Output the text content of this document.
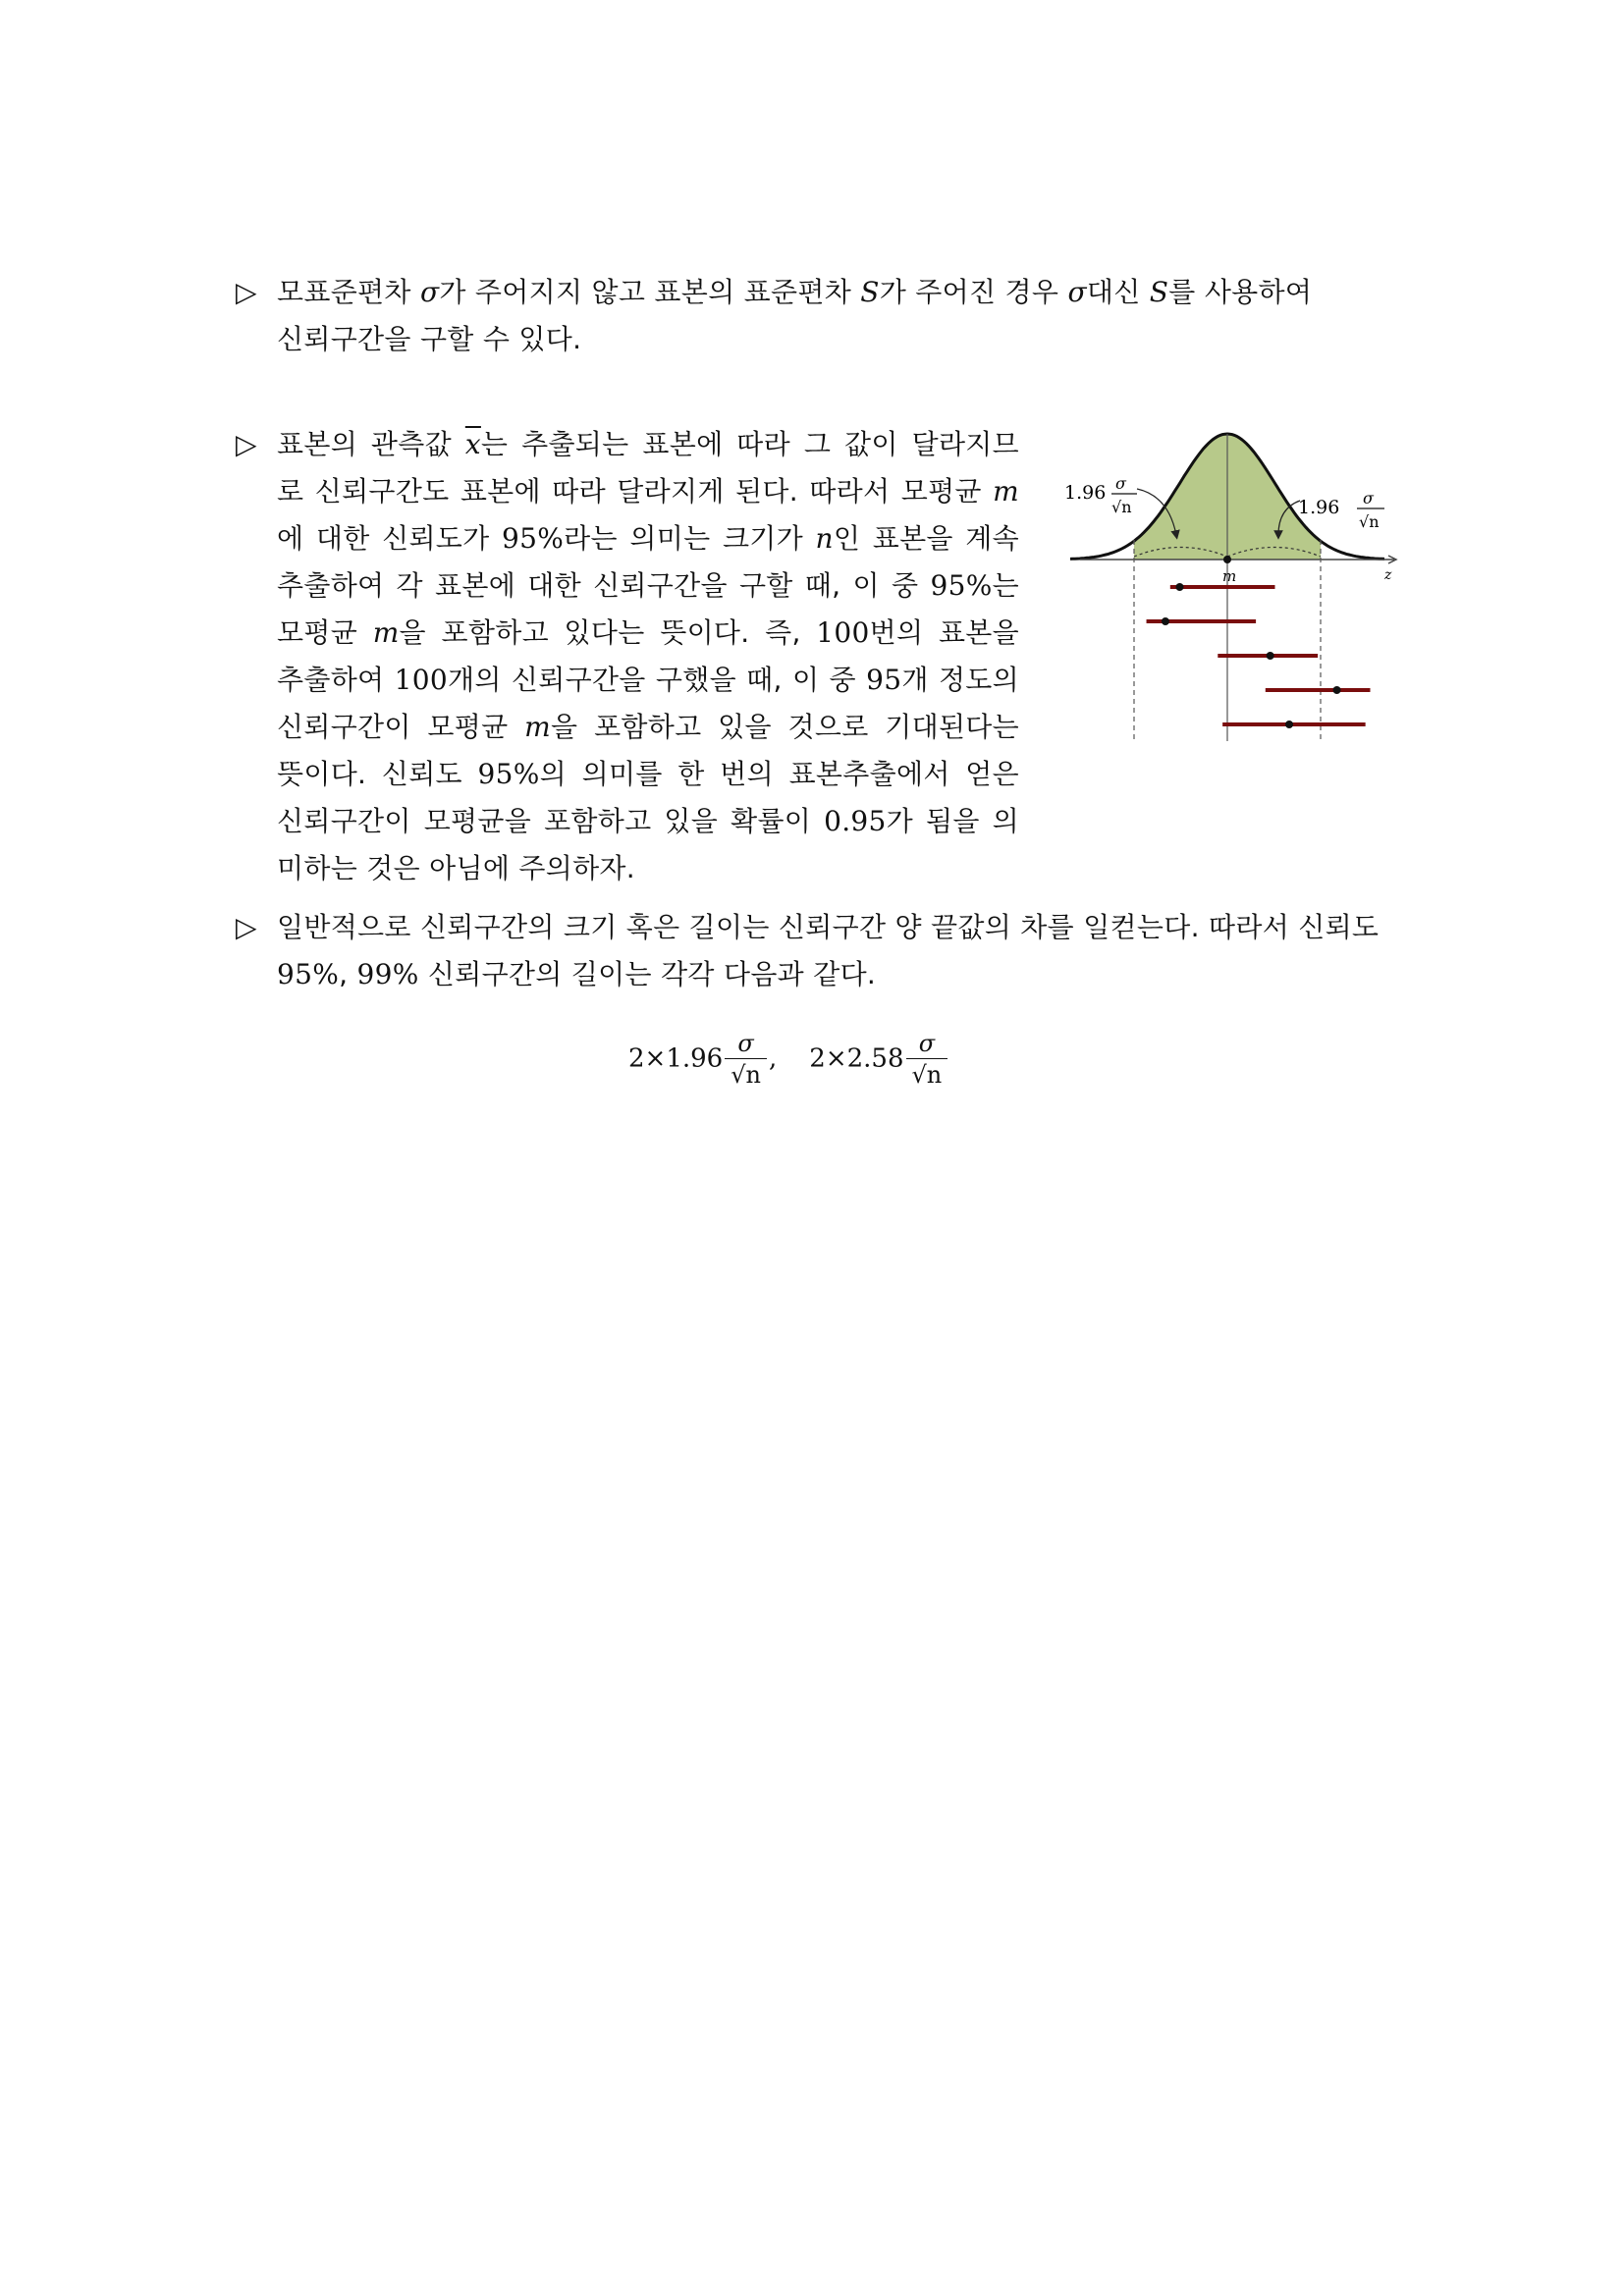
▷ 모표준편차 σ가 주어지지 않고 표본의 표준편차 S가 주어진 경우 σ대신 S를 사용하여
신뢰구간을 구할 수 있다.
▷ 표본의 관측값 $\overline{x}$는 추출되는 표본에 따라 그 값이 달라지므
로 신뢰구간도 표본에 따라 달라지게 된다. 따라서 모평균 m
에 대한 신뢰도가 95%라는 의미는 크기가 n인 표본을 계속
추출하여 각 표본에 대한 신뢰구간을 구할 때, 이 중 95%는
모평균 m을 포함하고 있다는 뜻이다. 즉, 100번의 표본을
추출하여 100개의 신뢰구간을 구했을 때, 이 중 95개 정도의
신뢰구간이 모평균 m을 포함하고 있을 것으로 기대된다는
뜻이다. 신뢰도 95%의 의미를 한 번의 표본추출에서 얻은
신뢰구간이 모평균을 포함하고 있을 확률이 0.95가 됨을 의
미하는 것은 아님에 주의하자.
z
m
1.96 σ
√n	1.96 σ
√n
▷ 일반적으로 신뢰구간의 크기 혹은 길이는 신뢰구간 양 끝값의 차를 일컫는다. 따라서 신뢰도
95%, 99% 신뢰구간의 길이는 각각 다음과 같다.
$2\times 1.96 \frac{\sigma}{√n}$ , $2\times 2.58 \frac{\sigma}{√n}$
